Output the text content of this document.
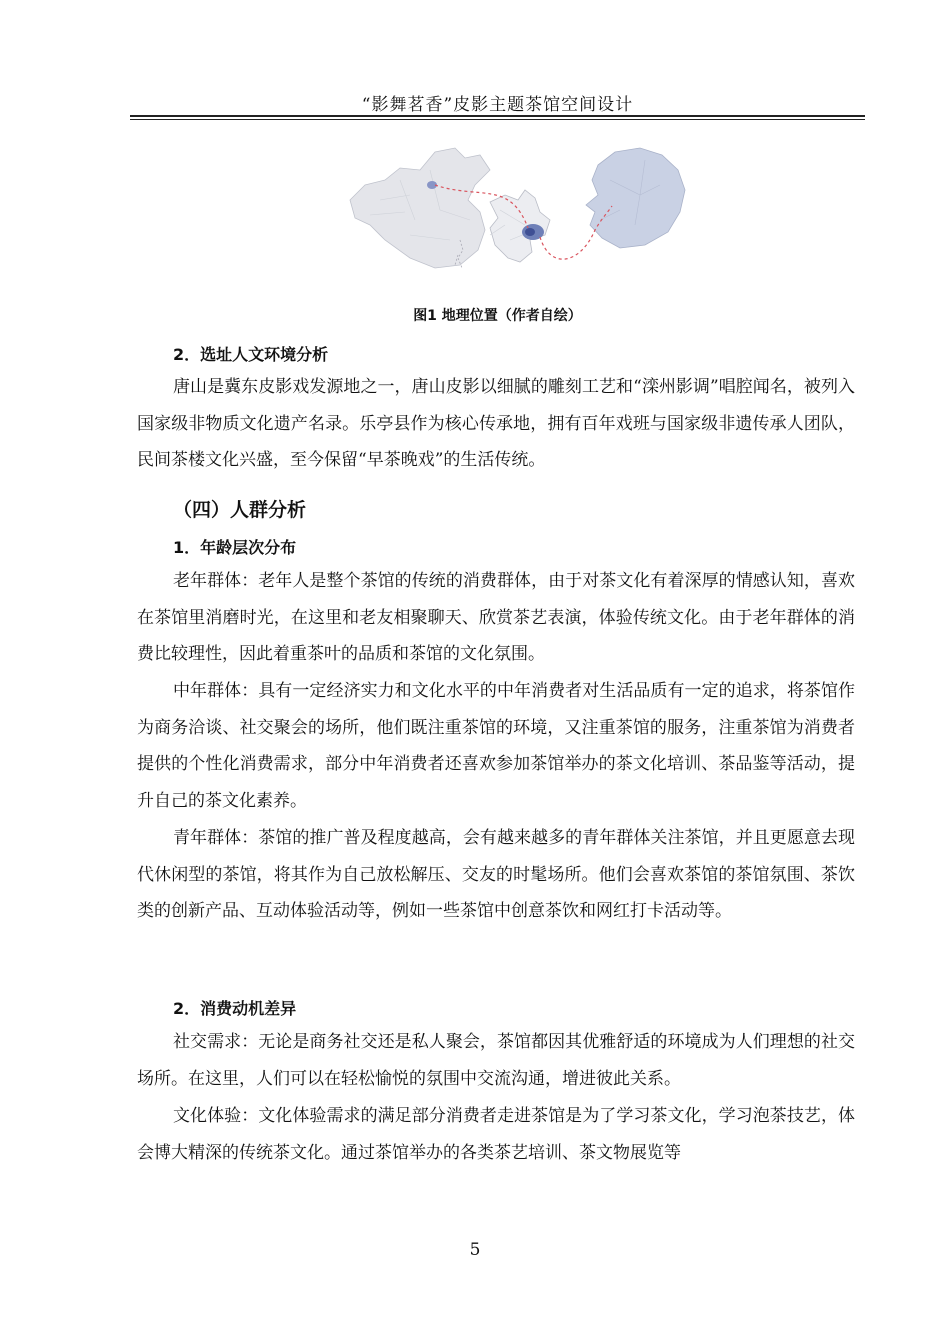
“影舞茗香”皮影主题茶馆空间设计
图1 地理位置（作者自绘）
2．选址人文环境分析

唐山是冀东皮影戏发源地之一，唐山皮影以细腻的雕刻工艺和“滦州影调”唱腔闻名，被列入国家级非物质文化遗产名录。乐亭县作为核心传承地，拥有百年戏班与国家级非遗传承人团队，民间茶楼文化兴盛，至今保留“早茶晚戏”的生活传统。

（四）人群分析
1．年龄层次分布

老年群体：老年人是整个茶馆的传统的消费群体，由于对茶文化有着深厚的情感认知，喜欢在茶馆里消磨时光，在这里和老友相聚聊天、欣赏茶艺表演，体验传统文化。由于老年群体的消费比较理性，因此着重茶叶的品质和茶馆的文化氛围。

中年群体：具有一定经济实力和文化水平的中年消费者对生活品质有一定的追求，将茶馆作为商务洽谈、社交聚会的场所，他们既注重茶馆的环境，又注重茶馆的服务，注重茶馆为消费者提供的个性化消费需求，部分中年消费者还喜欢参加茶馆举办的茶文化培训、茶品鉴等活动，提升自己的茶文化素养。

青年群体：茶馆的推广普及程度越高，会有越来越多的青年群体关注茶馆，并且更愿意去现代休闲型的茶馆，将其作为自己放松解压、交友的时髦场所。他们会喜欢茶馆的茶馆氛围、茶饮类的创新产品、互动体验活动等，例如一些茶馆中创意茶饮和网红打卡活动等。

2．消费动机差异

社交需求：无论是商务社交还是私人聚会，茶馆都因其优雅舒适的环境成为人们理想的社交场所。在这里，人们可以在轻松愉悦的氛围中交流沟通，增进彼此关系。

文化体验：文化体验需求的满足部分消费者走进茶馆是为了学习茶文化，学习泡茶技艺，体会博大精深的传统茶文化。通过茶馆举办的各类茶艺培训、茶文物展览等

5
